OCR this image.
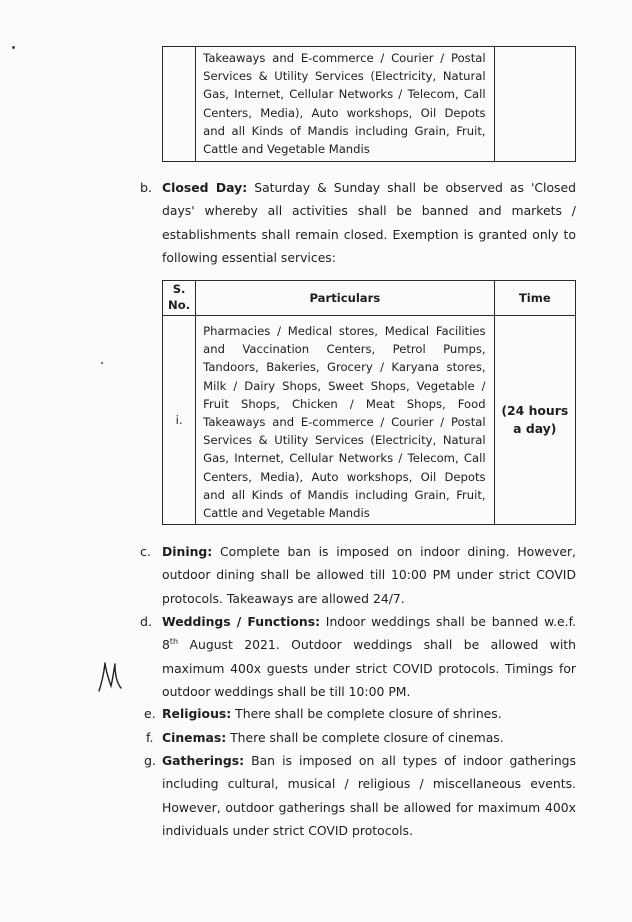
Takeaways and E-commerce / Courier / Postal Services & Utility Services (Electricity, Natural Gas, Internet, Cellular Networks / Telecom, Call Centers, Media), Auto workshops, Oil Depots and all Kinds of Mandis including Grain, Fruit, Cattle and Vegetable Mandis

b. Closed Day: Saturday & Sunday shall be observed as 'Closed days' whereby all activities shall be banned and markets / establishments shall remain closed. Exemption is granted only to following essential services:
S. No.	Particulars	Time
i.	Pharmacies / Medical stores, Medical Facilities and Vaccination Centers, Petrol Pumps, Tandoors, Bakeries, Grocery / Karyana stores, Milk / Dairy Shops, Sweet Shops, Vegetable / Fruit Shops, Chicken / Meat Shops, Food Takeaways and E-commerce / Courier / Postal Services & Utility Services (Electricity, Natural Gas, Internet, Cellular Networks / Telecom, Call Centers, Media), Auto workshops, Oil Depots and all Kinds of Mandis including Grain, Fruit, Cattle and Vegetable Mandis	(24 hours a day)
c. Dining: Complete ban is imposed on indoor dining. However, outdoor dining shall be allowed till 10:00 PM under strict COVID protocols. Takeaways are allowed 24/7.
d. Weddings / Functions: Indoor weddings shall be banned w.e.f. 8th August 2021. Outdoor weddings shall be allowed with maximum 400x guests under strict COVID protocols. Timings for outdoor weddings shall be till 10:00 PM.
e. Religious: There shall be complete closure of shrines.
f. Cinemas: There shall be complete closure of cinemas.
g. Gatherings: Ban is imposed on all types of indoor gatherings including cultural, musical / religious / miscellaneous events. However, outdoor gatherings shall be allowed for maximum 400x individuals under strict COVID protocols.
